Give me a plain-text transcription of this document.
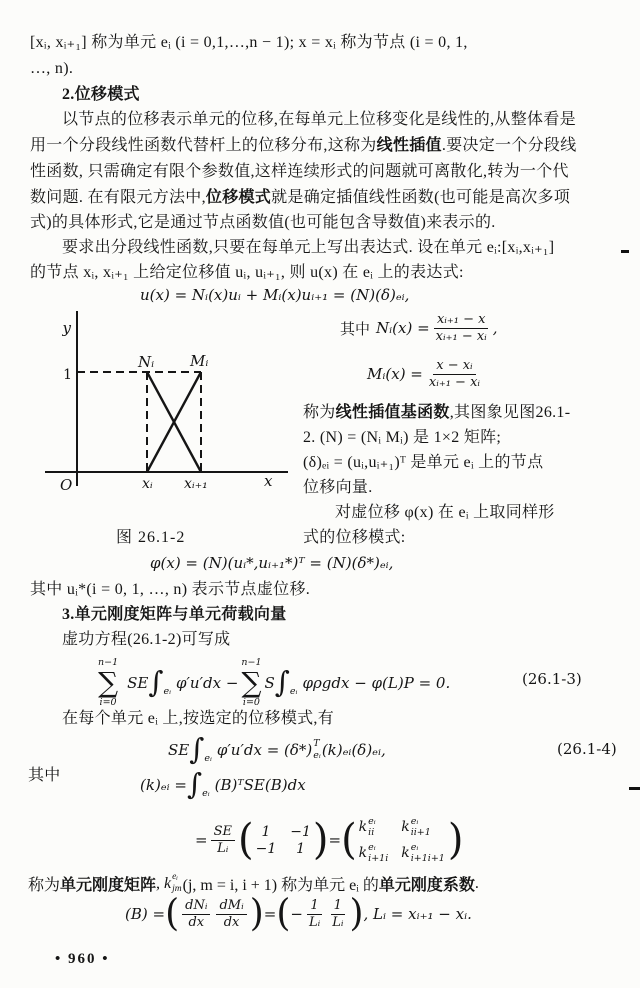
[xᵢ, xᵢ₊₁] 称为单元 eᵢ (i = 0,1,…,n − 1); x = xᵢ 称为节点 (i = 0, 1,
…, n).
2.位移模式
以节点的位移表示单元的位移,在每单元上位移变化是线性的,从整体看是
用一个分段线性函数代替杆上的位移分布,这称为线性插值.要决定一个分段线
性函数, 只需确定有限个参数值,这样连续形式的问题就可离散化,转为一个代
数问题. 在有限元方法中,位移模式就是确定插值线性函数(也可能是高次多项
式)的具体形式,它是通过节点函数值(也可能包含导数值)来表示的.
要求出分段线性函数,只要在每单元上写出表达式. 设在单元 eᵢ:[xᵢ,xᵢ₊₁]
的节点 xᵢ, xᵢ₊₁ 上给定位移值 uᵢ, uᵢ₊₁, 则 u(x) 在 eᵢ 上的表达式:
u(x) = Nᵢ(x)uᵢ + Mᵢ(x)uᵢ₊₁ = (N)(δ)ₑᵢ,
y
1
Nᵢ Mᵢ
O	xᵢ xᵢ₊₁	x
图 26.1-2
其中 Nᵢ(x) = $\frac{\text{xᵢ₊₁ − x}}{\text{xᵢ₊₁ − xᵢ}}$ ,
Mᵢ(x) = $\frac{\text{x − xᵢ}}{\text{xᵢ₊₁ − xᵢ}}$
称为线性插值基函数,其图象见图26.1-
2. (N) = (Nᵢ Mᵢ) 是 1×2 矩阵;
(δ)ₑᵢ = (uᵢ,uᵢ₊₁)ᵀ 是单元 eᵢ 上的节点
位移向量.
对虚位移 φ(x) 在 eᵢ 上取同样形
式的位移模式:
φ(x) = (N)(uᵢ*,uᵢ₊₁*)ᵀ = (N)(δ*)ₑᵢ,
其中 uᵢ*(i = 0, 1, …, n) 表示节点虚位移.
3.单元刚度矩阵与单元荷载向量
虚功方程(26.1-2)可写成
n−1
∑
i=0
SE ∫ eᵢ φ′u′dx −
n−1
∑
i=0
S ∫ eᵢ φρgdx − φ(L)P = 0.	(26.1-3)
在每个单元 eᵢ 上,按选定的位移模式,有
SE ∫ eᵢ φ′u′dx = (δ*) T
eᵢ (k)ₑᵢ(δ)ₑᵢ,	(26.1-4)
其中	(k)ₑᵢ = ∫ eᵢ (B)ᵀSE(B)dx
= $\frac{SE}{\text{Lᵢ}}$ ( 1 −1
−1 1 ) = ( k eᵢ
ii k eᵢ
ii+1
k eᵢ
i+1i k eᵢ
i+1i+1 )
称为 单元刚度矩阵 , k eᵢ
jm (j, m = i, i + 1) 称为单元 eᵢ 的 单元刚度系数 .
(B) = ( $\frac{\text{dNᵢ}}{dx} \frac{\text{dMᵢ}}{dx}$ ) = ( − $\frac{1}{\text{Lᵢ}} \frac{1}{\text{Lᵢ}}$ ) , Lᵢ = xᵢ₊₁ − xᵢ.
• 960 •
